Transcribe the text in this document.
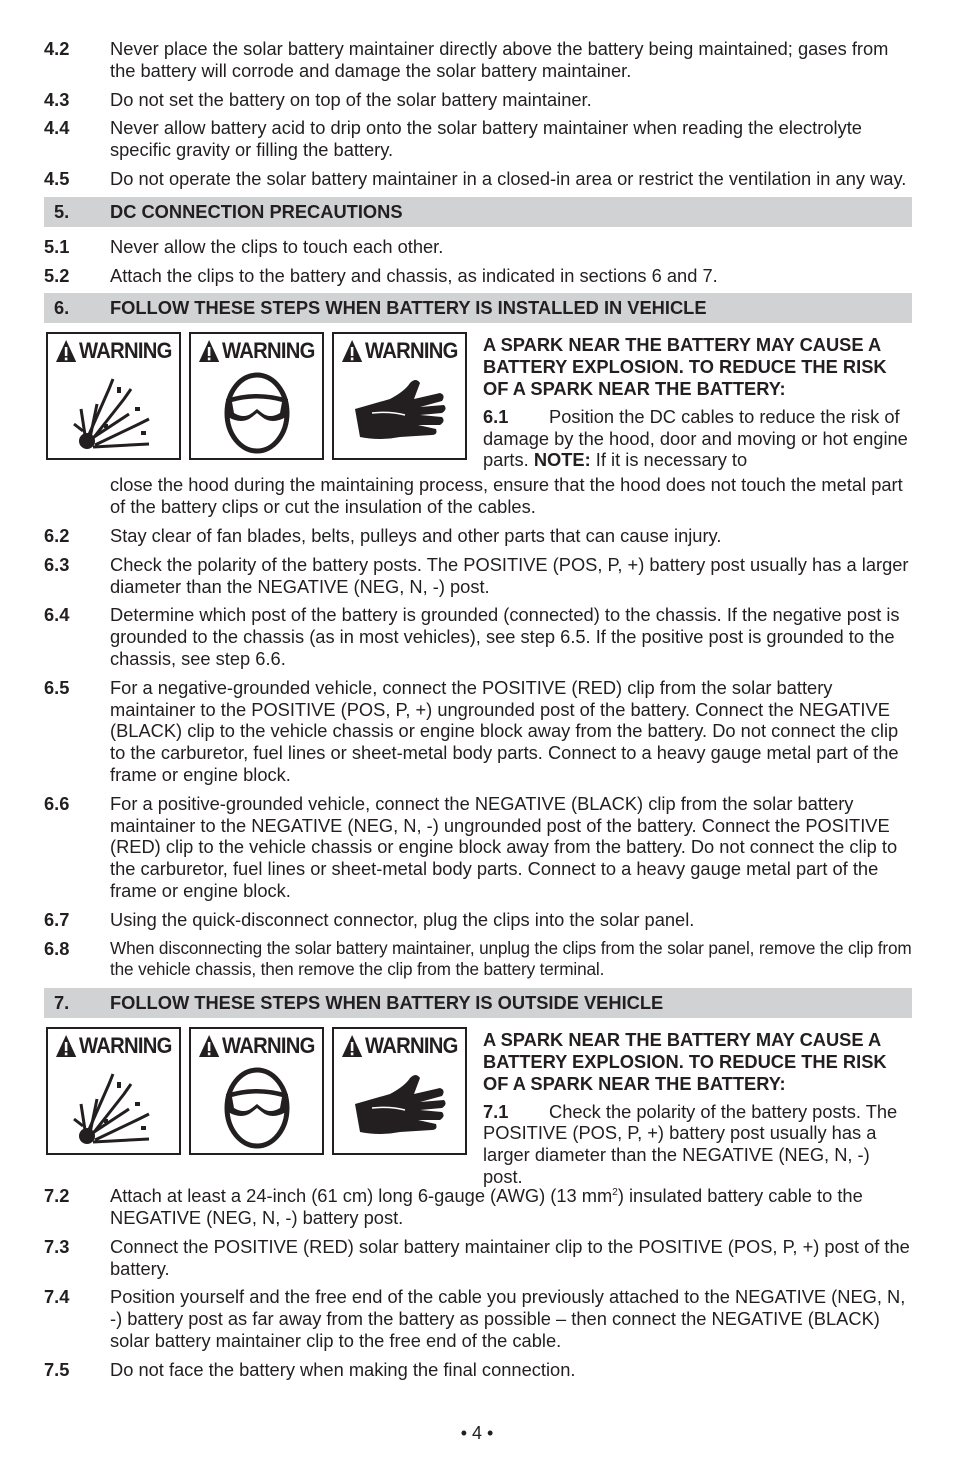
4.2	Never place the solar battery maintainer directly above the battery being maintained; gases from the battery will corrode and damage the solar battery maintainer.
4.3	Do not set the battery on top of the solar battery maintainer.
4.4	Never allow battery acid to drip onto the solar battery maintainer when reading the electrolyte specific gravity or filling the battery.
4.5	Do not operate the solar battery maintainer in a closed-in area or restrict the ventilation in any way.
5.	DC CONNECTION PRECAUTIONS
5.1	Never allow the clips to touch each other.
5.2	Attach the clips to the battery and chassis, as indicated in sections 6 and 7.
6.	FOLLOW THESE STEPS WHEN BATTERY IS INSTALLED IN VEHICLE
WARNING WARNING WARNING A SPARK NEAR THE BATTERY MAY CAUSE A BATTERY EXPLOSION. TO REDUCE THE RISK OF A SPARK NEAR THE BATTERY:
6.1 Position the DC cables to reduce the risk of damage by the hood, door and moving or hot engine parts. NOTE: If it is necessary to
close the hood during the maintaining process, ensure that the hood does not touch the metal part of the battery clips or cut the insulation of the cables.
6.2	Stay clear of fan blades, belts, pulleys and other parts that can cause injury.
6.3	Check the polarity of the battery posts. The POSITIVE (POS, P, +) battery post usually has a larger diameter than the NEGATIVE (NEG, N, -) post.
6.4	Determine which post of the battery is grounded (connected) to the chassis. If the negative post is grounded to the chassis (as in most vehicles), see step 6.5. If the positive post is grounded to the chassis, see step 6.6.
6.5	For a negative-grounded vehicle, connect the POSITIVE (RED) clip from the solar battery maintainer to the POSITIVE (POS, P, +) ungrounded post of the battery. Connect the NEGATIVE (BLACK) clip to the vehicle chassis or engine block away from the battery. Do not connect the clip to the carburetor, fuel lines or sheet-metal body parts. Connect to a heavy gauge metal part of the frame or engine block.
6.6	For a positive-grounded vehicle, connect the NEGATIVE (BLACK) clip from the solar battery maintainer to the NEGATIVE (NEG, N, -) ungrounded post of the battery. Connect the POSITIVE (RED) clip to the vehicle chassis or engine block away from the battery. Do not connect the clip to the carburetor, fuel lines or sheet-metal body parts. Connect to a heavy gauge metal part of the frame or engine block.
6.7	Using the quick-disconnect connector, plug the clips into the solar panel.
6.8	When disconnecting the solar battery maintainer, unplug the clips from the solar panel, remove the clip from the vehicle chassis, then remove the clip from the battery terminal.
7.	FOLLOW THESE STEPS WHEN BATTERY IS OUTSIDE VEHICLE
WARNING WARNING WARNING A SPARK NEAR THE BATTERY MAY CAUSE A BATTERY EXPLOSION. TO REDUCE THE RISK OF A SPARK NEAR THE BATTERY:
7.1 Check the polarity of the battery posts. The POSITIVE (POS, P, +) battery post usually has a larger diameter than the NEGATIVE (NEG, N, -) post.
7.2	Attach at least a 24-inch (61 cm) long 6-gauge (AWG) (13 $mm^2$) insulated battery cable to the NEGATIVE (NEG, N, -) battery post.
7.3	Connect the POSITIVE (RED) solar battery maintainer clip to the POSITIVE (POS, P, +) post of the battery.
7.4	Position yourself and the free end of the cable you previously attached to the NEGATIVE (NEG, N, -) battery post as far away from the battery as possible – then connect the NEGATIVE (BLACK) solar battery maintainer clip to the free end of the cable.
7.5	Do not face the battery when making the final connection.
• 4 •
